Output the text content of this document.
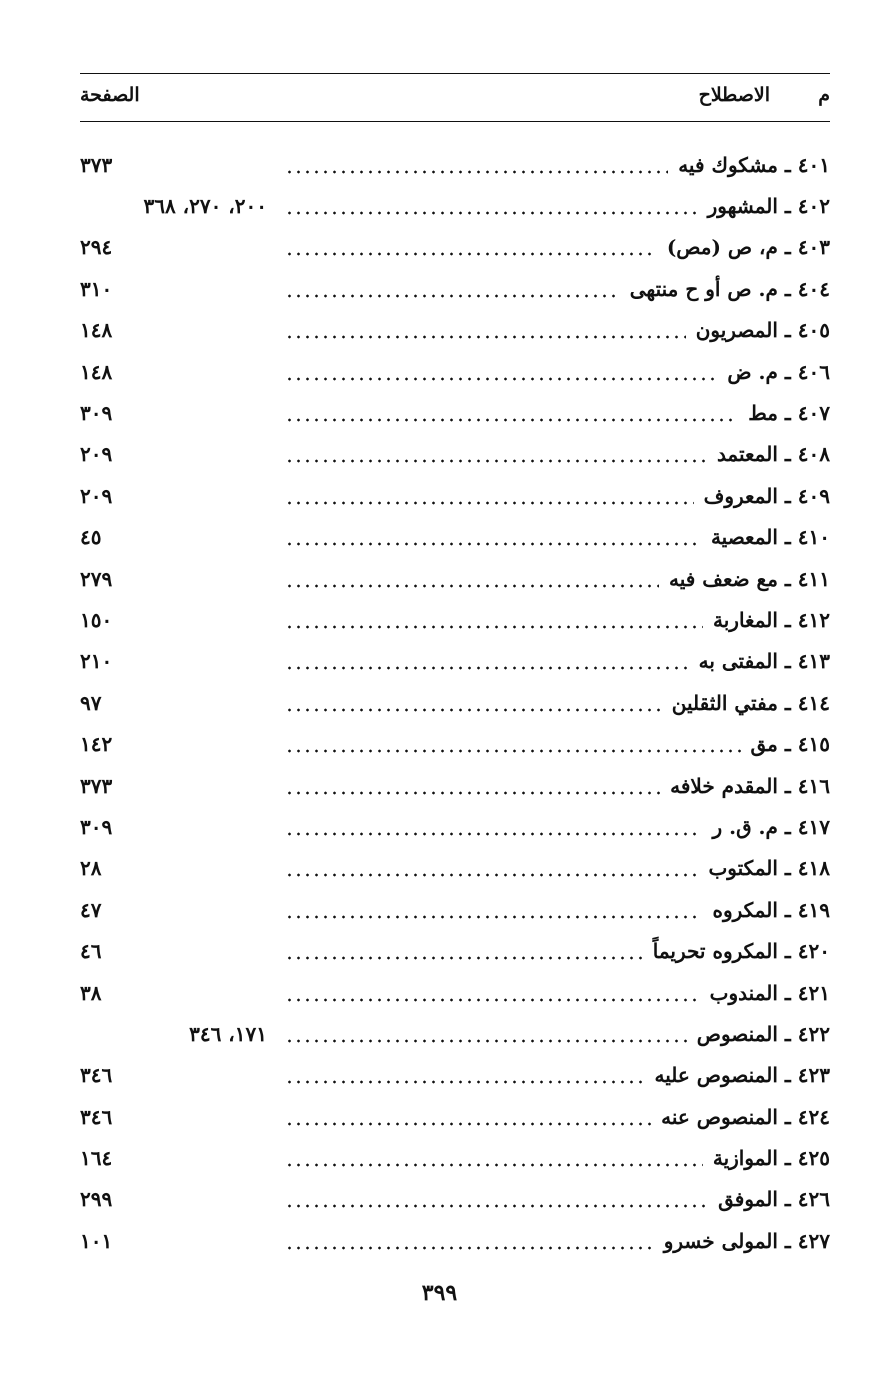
م
الاصطلاح
الصفحة
٤٠١
ـ
مشكوك فيه
٣٧٣
٤٠٢
ـ
المشهور
٢٠٠، ٢٧٠، ٣٦٨
٤٠٣
ـ
م، ص (مص)
٢٩٤
٤٠٤
ـ
م. ص أو ح منتهى
٣١٠
٤٠٥
ـ
المصريون
١٤٨
٤٠٦
ـ
م. ض
١٤٨
٤٠٧
ـ
مط
٣٠٩
٤٠٨
ـ
المعتمد
٢٠٩
٤٠٩
ـ
المعروف
٢٠٩
٤١٠
ـ
المعصية
٤٥
٤١١
ـ
مع ضعف فيه
٢٧٩
٤١٢
ـ
المغاربة
١٥٠
٤١٣
ـ
المفتى به
٢١٠
٤١٤
ـ
مفتي الثقلين
٩٧
٤١٥
ـ
مق
١٤٢
٤١٦
ـ
المقدم خلافه
٣٧٣
٤١٧
ـ
م. ق. ر
٣٠٩
٤١٨
ـ
المكتوب
٢٨
٤١٩
ـ
المكروه
٤٧
٤٢٠
ـ
المكروه تحريماً
٤٦
٤٢١
ـ
المندوب
٣٨
٤٢٢
ـ
المنصوص
١٧١، ٣٤٦
٤٢٣
ـ
المنصوص عليه
٣٤٦
٤٢٤
ـ
المنصوص عنه
٣٤٦
٤٢٥
ـ
الموازية
١٦٤
٤٢٦
ـ
الموفق
٢٩٩
٤٢٧
ـ
المولى خسرو
١٠١
٣٩٩
